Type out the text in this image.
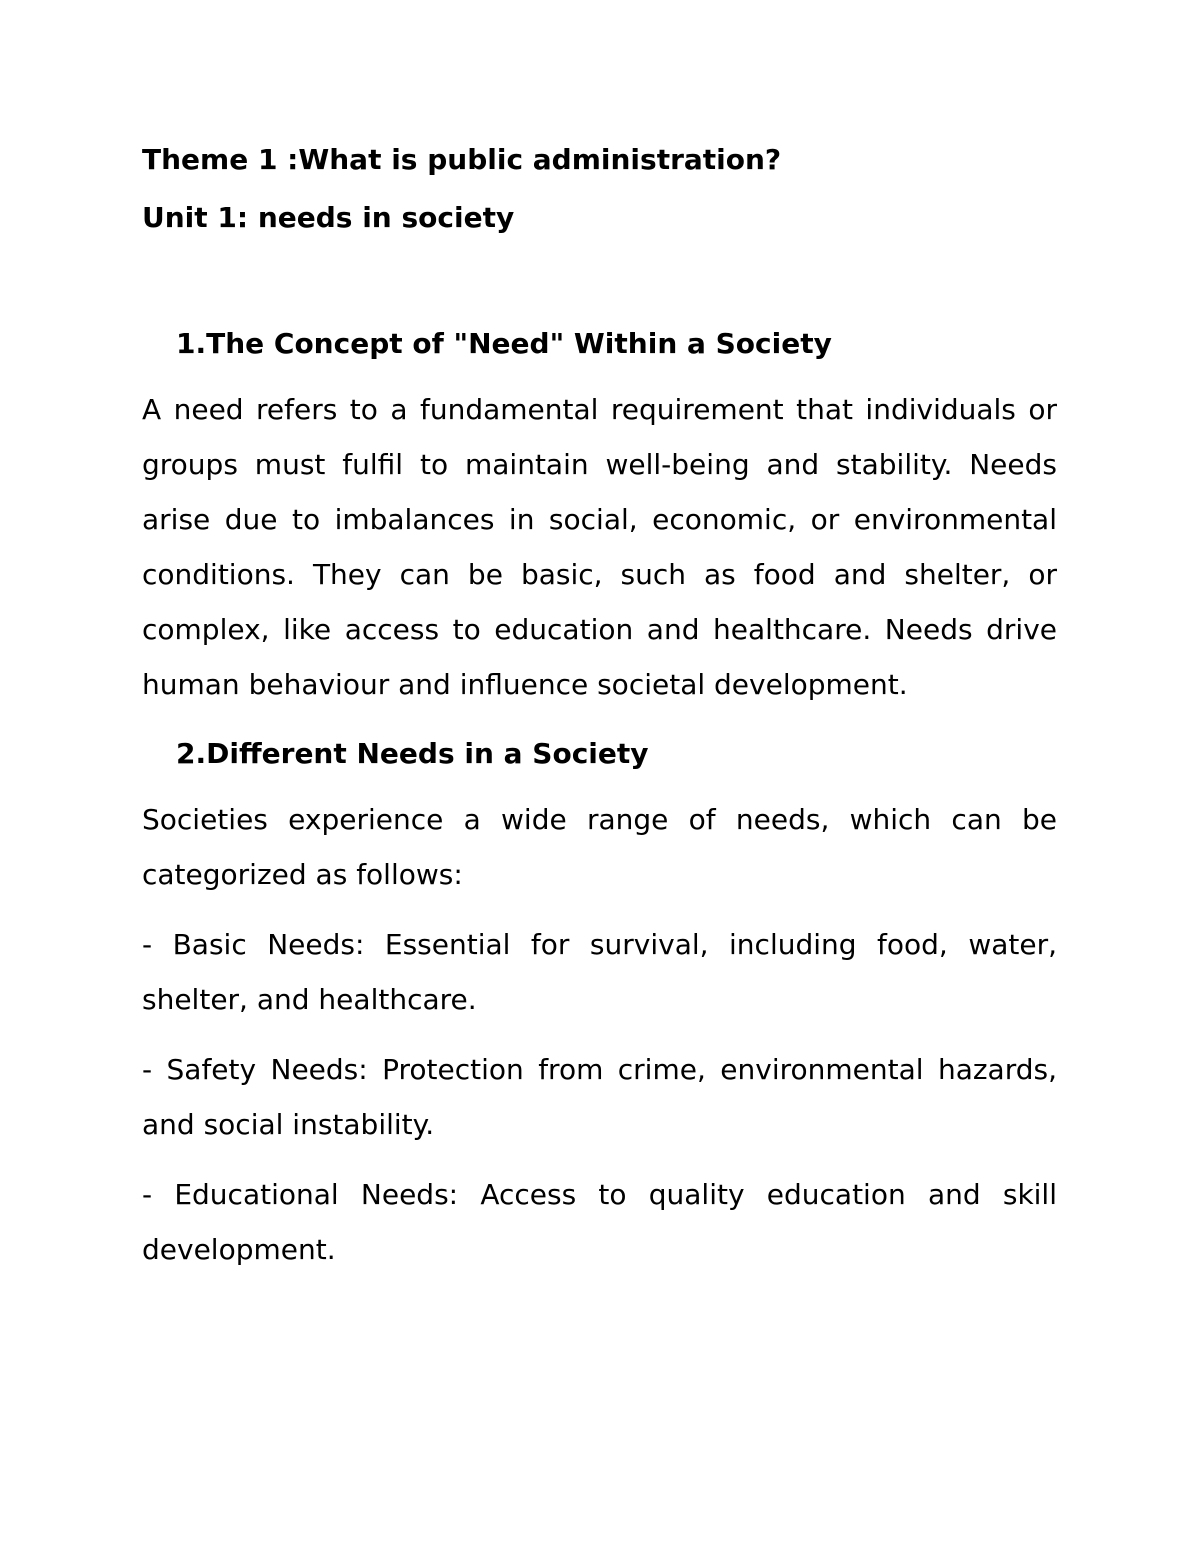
Theme 1 :What is public administration?

Unit 1: needs in society

1.The Concept of "Need" Within a Society

A need refers to a fundamental requirement that individuals or groups must fulfil to maintain well-being and stability. Needs arise due to imbalances in social, economic, or environmental conditions. They can be basic, such as food and shelter, or complex, like access to education and healthcare. Needs drive human behaviour and influence societal development.

2.Different Needs in a Society

Societies experience a wide range of needs, which can be categorized as follows:

- Basic Needs: Essential for survival, including food, water, shelter, and healthcare.

- Safety Needs: Protection from crime, environmental hazards, and social instability.

- Educational Needs: Access to quality education and skill development.
